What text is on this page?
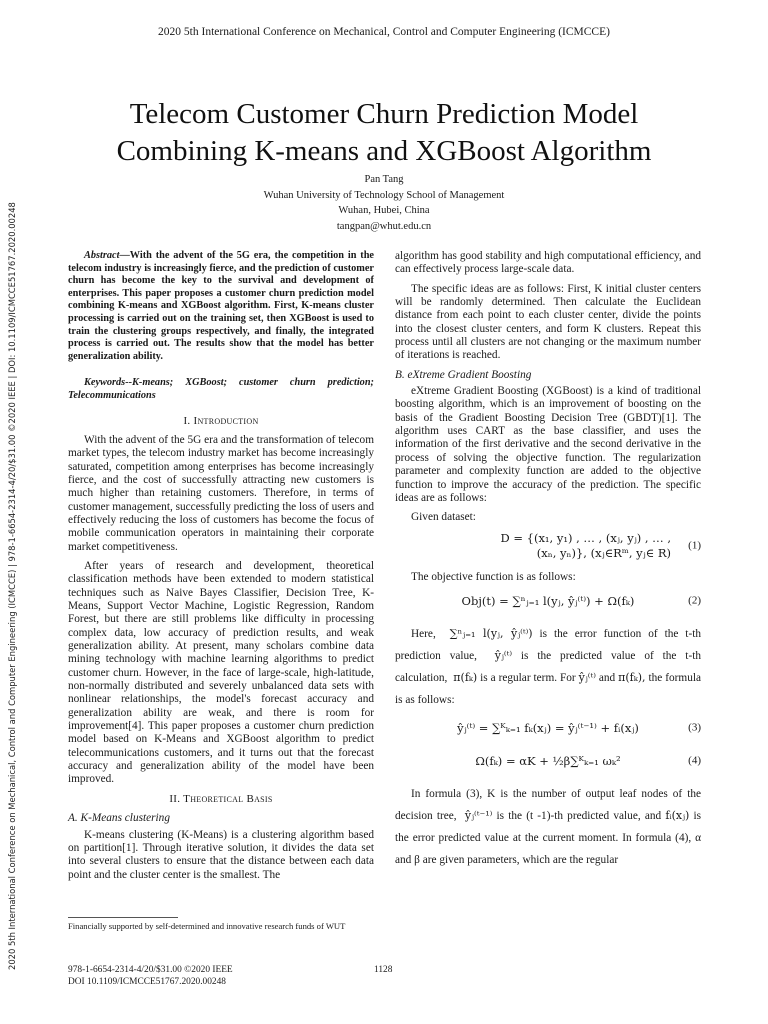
2020 5th International Conference on Mechanical, Control and Computer Engineering (ICMCCE)
Telecom Customer Churn Prediction Model
Combining K-means and XGBoost Algorithm
Pan Tang
Wuhan University of Technology School of Management
Wuhan, Hubei, China
tangpan@whut.edu.cn
2020 5th International Conference on Mechanical, Control and Computer Engineering (ICMCCE) | 978-1-6654-2314-4/20/$31.00 ©2020 IEEE | DOI: 10.1109/ICMCCE51767.2020.00248	Abstract—With the advent of the 5G era, the competition in the telecom industry is increasingly fierce, and the prediction of customer churn has become the key to the survival and development of enterprises. This paper proposes a customer churn prediction model combining K-means and XGBoost algorithm. First, K-means cluster processing is carried out on the training set, then XGBoost is used to train the clustering groups respectively, and finally, the integrated process is carried out. The results show that the model has better generalization ability.

Keywords--K-means; XGBoost; customer churn prediction; Telecommunications

I. Introduction

With the advent of the 5G era and the transformation of telecom market types, the telecom industry market has become increasingly saturated, competition among enterprises has become increasingly fierce, and the cost of successfully attracting new customers is much higher than retaining customers. Therefore, in terms of customer management, successfully predicting the loss of users and effectively reducing the loss of customers has become the focus of mobile communication operators in maintaining their corporate market competitiveness.

After years of research and development, theoretical classification methods have been extended to modern statistical techniques such as Naive Bayes Classifier, Decision Tree, K-Means, Support Vector Machine, Logistic Regression, Random Forest, but there are still problems like difficulty in processing complex data, low accuracy of prediction results, and weak generalization ability. At present, many scholars combine data mining technology with machine learning algorithms to predict customer churn. However, in the face of large-scale, high-latitude, non-normally distributed and severely unbalanced data sets with nonlinear relationships, the model's forecast accuracy and generalization ability are weak, and there is room for improvement[4]. This paper proposes a customer churn prediction model based on K-Means and XGBoost algorithm to predict telecommunications customers, and it turns out that the forecast accuracy and generalization ability of the model have been improved.

II. Theoretical Basis

A. K-Means clustering

K-means clustering (K-Means) is a clustering algorithm based on partition[1]. Through iterative solution, it divides the data set into several clusters to ensure that the distance between each data point and the cluster center is the smallest. The

algorithm has good stability and high computational efficiency, and can effectively process large-scale data.

The specific ideas are as follows: First, K initial cluster centers will be randomly determined. Then calculate the Euclidean distance from each point to each cluster center, divide the points into the closest cluster centers, and form K clusters. Repeat this process until all clusters are not changing or the maximum number of iterations is reached.

B. eXtreme Gradient Boosting

eXtreme Gradient Boosting (XGBoost) is a kind of traditional boosting algorithm, which is an improvement of boosting on the basis of the Gradient Boosting Decision Tree (GBDT)[1]. The algorithm uses CART as the base classifier, and uses the information of the first derivative and the second derivative in the process of solving the objective function. The regularization parameter and complexity function are added to the objective function to improve the accuracy of the prediction. The specific ideas are as follows:

Given dataset:

D = {(x₁, y₁) , … , (xⱼ, yⱼ) , … ,
(xₙ, yₙ)}, (xⱼ∈Rᵐ, yⱼ∈ R)
(1)

The objective function is as follows:

Obj(t) = ∑ⁿⱼ₌₁ l(yⱼ, ŷⱼ⁽ᵗ⁾) + Ω(fₖ)	(2)

Here, ∑ⁿⱼ₌₁ l(yⱼ, ŷⱼ⁽ᵗ⁾) is the error function of the t-th prediction value, ŷⱼ⁽ᵗ⁾ is the predicted value of the t-th calculation, π(fₖ) is a regular term. For ŷⱼ⁽ᵗ⁾ and π(fₖ), the formula is as follows:

ŷⱼ⁽ᵗ⁾ = ∑ᴷₖ₌₁ fₖ(xⱼ) = ŷⱼ⁽ᵗ⁻¹⁾ + fᵢ(xⱼ)	(3)
Ω(fₖ) = αK + ½β∑ᴷₖ₌₁ ωₖ²	(4)

In formula (3), K is the number of output leaf nodes of the decision tree, ŷⱼ⁽ᵗ⁻¹⁾ is the (t -1)-th predicted value, and fᵢ(xⱼ) is the error predicted value at the current moment. In formula (4), α and β are given parameters, which are the regular

Financially supported by self-determined and innovative research funds of WUT
978-1-6654-2314-4/20/$31.00 ©2020 IEEE
DOI 10.1109/ICMCCE51767.2020.00248
1128
